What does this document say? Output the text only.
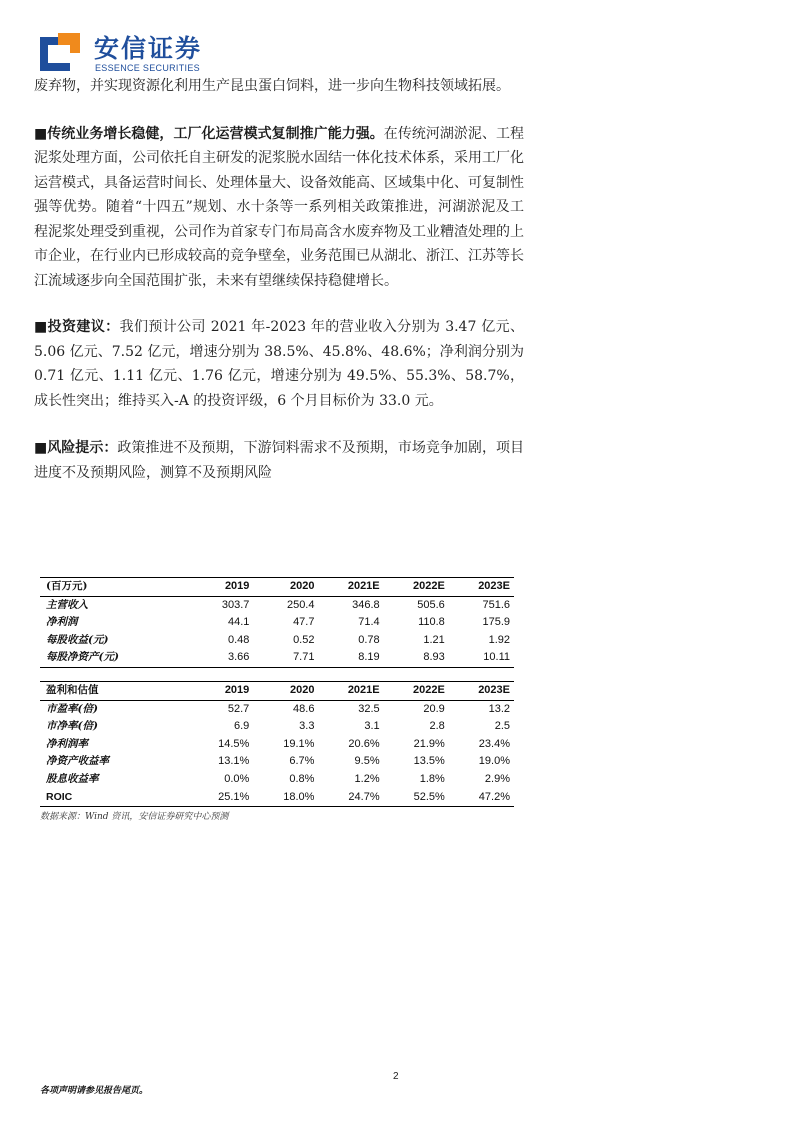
安信证券
ESSENCE SECURITIES

废弃物，并实现资源化利用生产昆虫蛋白饲料，进一步向生物科技领域拓展。

■传统业务增长稳健，工厂化运营模式复制推广能力强。在传统河湖淤泥、工程泥浆处理方面，公司依托自主研发的泥浆脱水固结一体化技术体系，采用工厂化运营模式，具备运营时间长、处理体量大、设备效能高、区域集中化、可复制性强等优势。随着“十四五”规划、水十条等一系列相关政策推进，河湖淤泥及工程泥浆处理受到重视，公司作为首家专门布局高含水废弃物及工业糟渣处理的上市企业，在行业内已形成较高的竞争壁垒，业务范围已从湖北、浙江、江苏等长江流域逐步向全国范围扩张，未来有望继续保持稳健增长。

■投资建议：我们预计公司 2021 年-2023 年的营业收入分别为 3.47 亿元、5.06 亿元、7.52 亿元，增速分别为 38.5%、45.8%、48.6%；净利润分别为 0.71 亿元、1.11 亿元、1.76 亿元，增速分别为 49.5%、55.3%、58.7%，成长性突出；维持买入-A 的投资评级，6 个月目标价为 33.0 元。

■风险提示：政策推进不及预期，下游饲料需求不及预期，市场竞争加剧，项目进度不及预期风险，测算不及预期风险

(百万元)	2019	2020	2021E	2022E	2023E
主营收入	303.7	250.4	346.8	505.6	751.6
净利润	44.1	47.7	71.4	110.8	175.9
每股收益(元)	0.48	0.52	0.78	1.21	1.92
每股净资产(元)	3.66	7.71	8.19	8.93	10.11
盈利和估值	2019	2020	2021E	2022E	2023E
市盈率(倍)	52.7	48.6	32.5	20.9	13.2
市净率(倍)	6.9	3.3	3.1	2.8	2.5
净利润率	14.5%	19.1%	20.6%	21.9%	23.4%
净资产收益率	13.1%	6.7%	9.5%	13.5%	19.0%
股息收益率	0.0%	0.8%	1.2%	1.8%	2.9%
ROIC	25.1%	18.0%	24.7%	52.5%	47.2%
数据来源：Wind 资讯，安信证券研究中心预测
2
各项声明请参见报告尾页。
